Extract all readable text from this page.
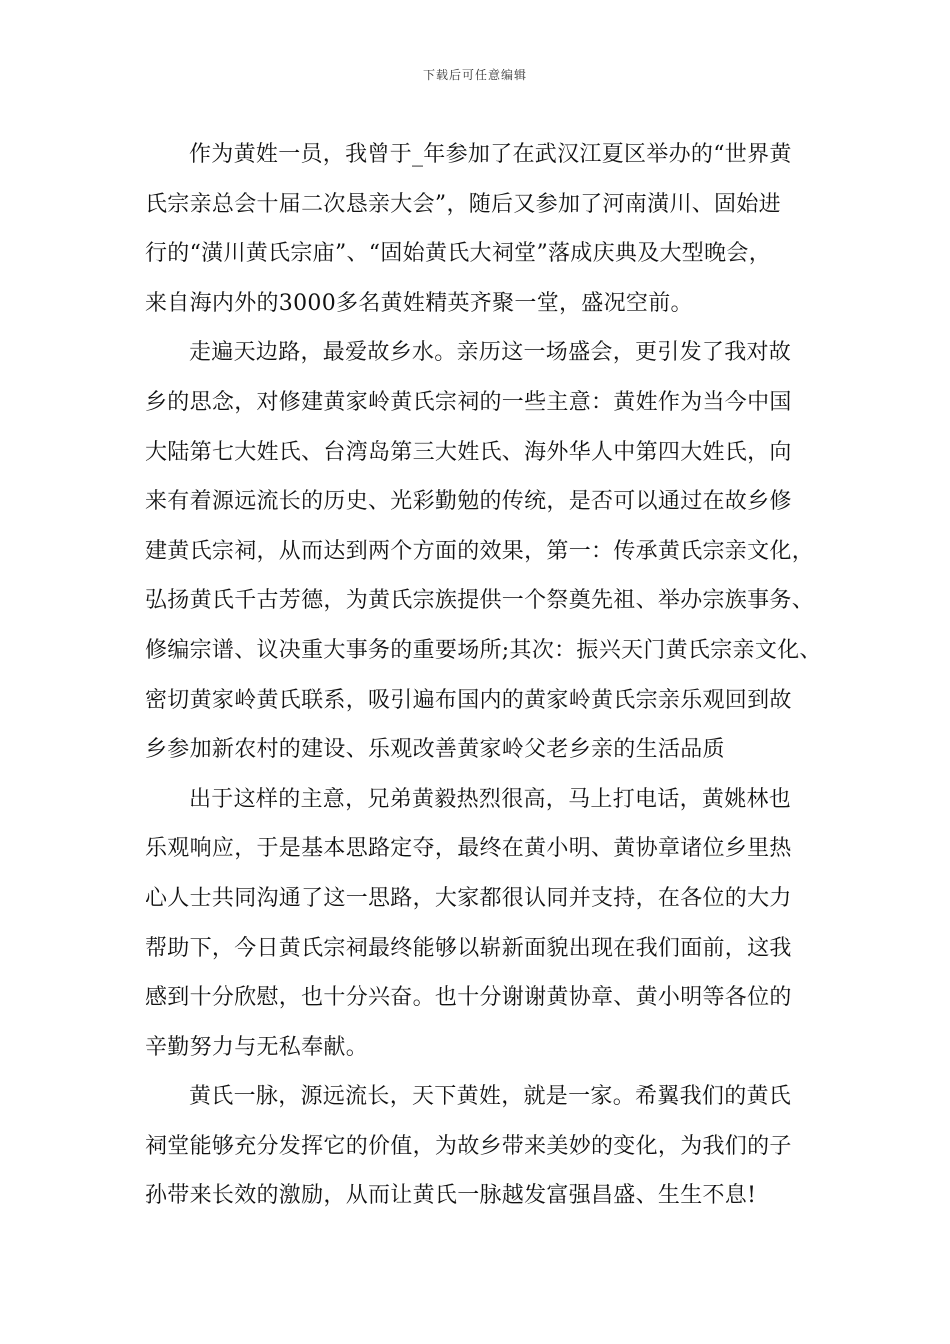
下载后可任意编辑
作为黄姓一员，我曾于_年参加了在武汉江夏区举办的“世界黄
氏宗亲总会十届二次恳亲大会”，随后又参加了河南潢川、固始进
行的“潢川黄氏宗庙”、“固始黄氏大祠堂”落成庆典及大型晚会，
来自海内外的3000多名黄姓精英齐聚一堂，盛况空前。
走遍天边路，最爱故乡水。亲历这一场盛会，更引发了我对故
乡的思念，对修建黄家岭黄氏宗祠的一些主意：黄姓作为当今中国
大陆第七大姓氏、台湾岛第三大姓氏、海外华人中第四大姓氏，向
来有着源远流长的历史、光彩勤勉的传统，是否可以通过在故乡修
建黄氏宗祠，从而达到两个方面的效果，第一：传承黄氏宗亲文化，
弘扬黄氏千古芳德，为黄氏宗族提供一个祭奠先祖、举办宗族事务、
修编宗谱、议决重大事务的重要场所;其次：振兴天门黄氏宗亲文化、
密切黄家岭黄氏联系，吸引遍布国内的黄家岭黄氏宗亲乐观回到故
乡参加新农村的建设、乐观改善黄家岭父老乡亲的生活品质
出于这样的主意，兄弟黄毅热烈很高，马上打电话，黄姚林也
乐观响应，于是基本思路定夺，最终在黄小明、黄协章诸位乡里热
心人士共同沟通了这一思路，大家都很认同并支持，在各位的大力
帮助下，今日黄氏宗祠最终能够以崭新面貌出现在我们面前，这我
感到十分欣慰，也十分兴奋。也十分谢谢黄协章、黄小明等各位的
辛勤努力与无私奉献。
黄氏一脉，源远流长，天下黄姓，就是一家。希翼我们的黄氏
祠堂能够充分发挥它的价值，为故乡带来美妙的变化，为我们的子
孙带来长效的激励，从而让黄氏一脉越发富强昌盛、生生不息!
